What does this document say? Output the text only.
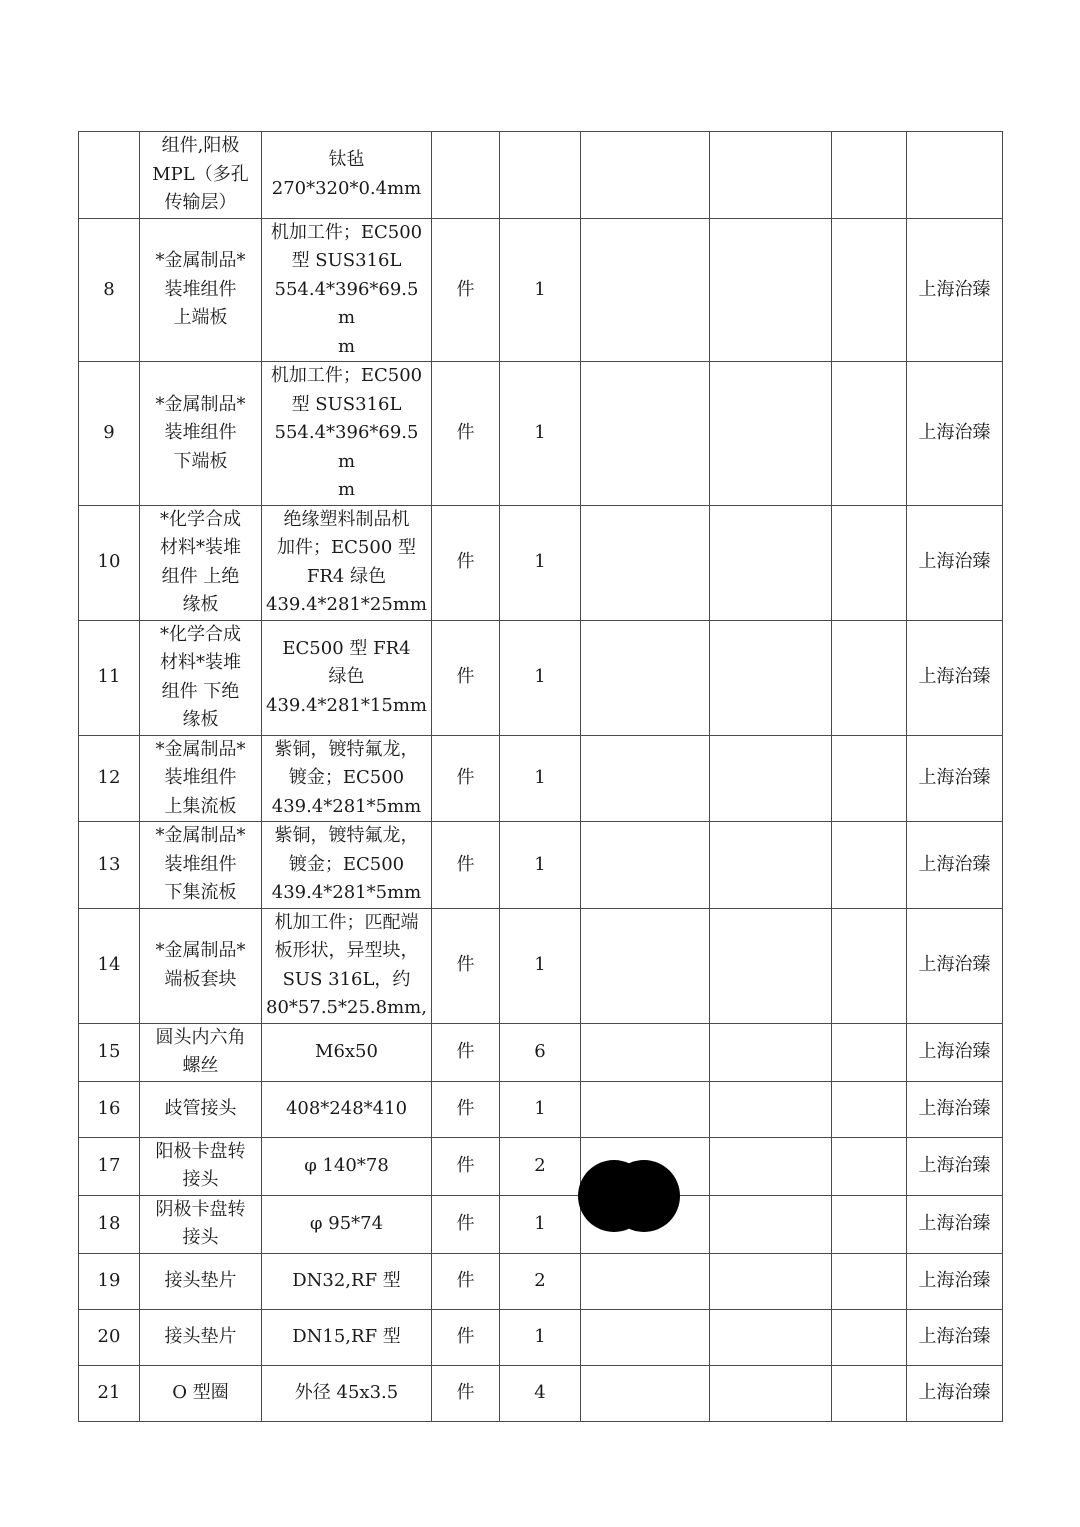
	组件,阳极
MPL（多孔
传输层）	钛毡
270*320*0.4mm						
8	*金属制品*
装堆组件
上端板	机加工件；EC500
型 SUS316L
554.4*396*69.5m
m	件	1				上海治臻
9	*金属制品*
装堆组件
下端板	机加工件；EC500
型 SUS316L
554.4*396*69.5m
m	件	1				上海治臻
10	*化学合成
材料*装堆
组件 上绝
缘板	绝缘塑料制品机
加件；EC500 型
FR4 绿色
439.4*281*25mm	件	1				上海治臻
11	*化学合成
材料*装堆
组件 下绝
缘板	EC500 型 FR4
绿色
439.4*281*15mm	件	1				上海治臻
12	*金属制品*
装堆组件
上集流板	紫铜，镀特氟龙，
镀金；EC500
439.4*281*5mm	件	1				上海治臻
13	*金属制品*
装堆组件
下集流板	紫铜，镀特氟龙，
镀金；EC500
439.4*281*5mm	件	1				上海治臻
14	*金属制品*
端板套块	机加工件；匹配端
板形状，异型块，
SUS 316L，约
80*57.5*25.8mm,	件	1				上海治臻
15	圆头内六角
螺丝	M6x50	件	6				上海治臻
16	歧管接头	408*248*410	件	1				上海治臻
17	阳极卡盘转
接头	φ 140*78	件	2				上海治臻
18	阴极卡盘转
接头	φ 95*74	件	1				上海治臻
19	接头垫片	DN32,RF 型	件	2				上海治臻
20	接头垫片	DN15,RF 型	件	1				上海治臻
21	O 型圈	外径 45x3.5	件	4				上海治臻
